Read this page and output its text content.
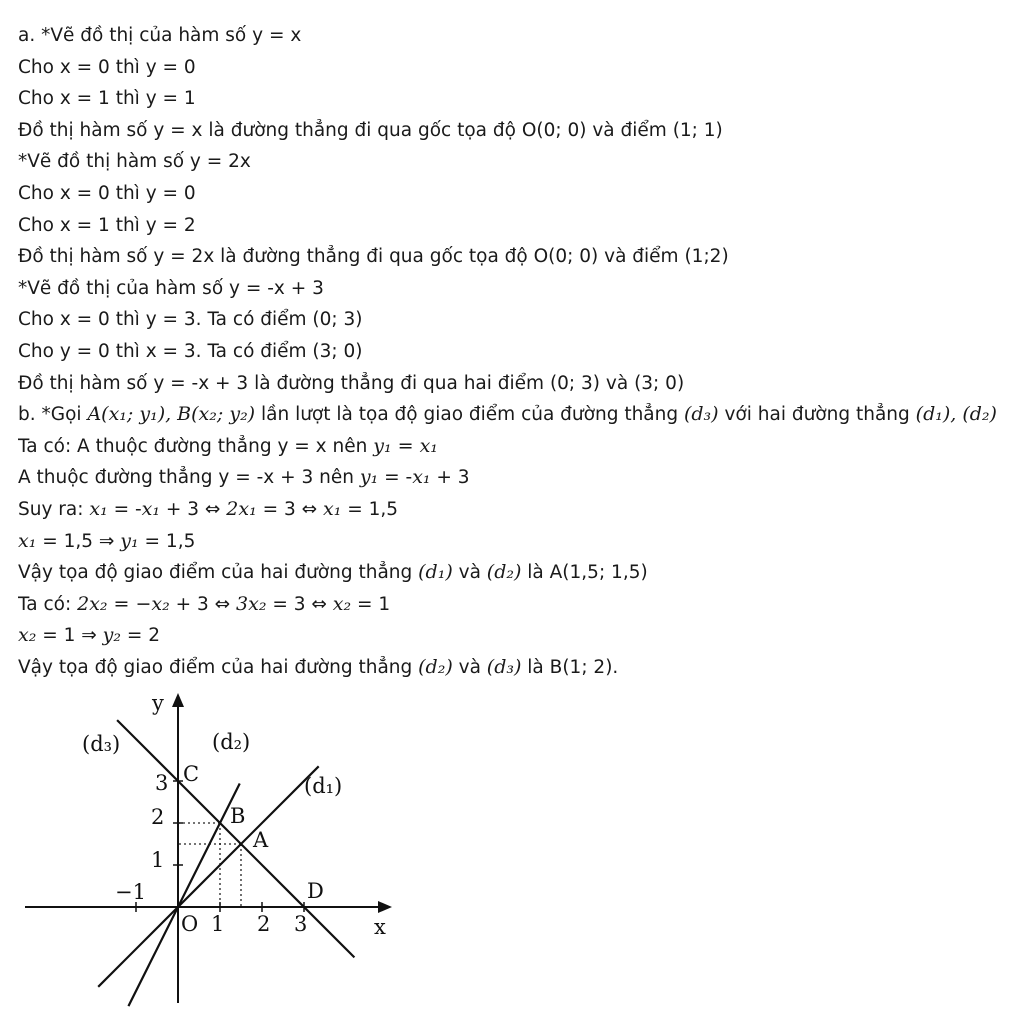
a. *Vẽ đồ thị của hàm số y = x
Cho x = 0 thì y = 0
Cho x = 1 thì y = 1
Đồ thị hàm số y = x là đường thẳng đi qua gốc tọa độ O(0; 0) và điểm (1; 1)
*Vẽ đồ thị hàm số y = 2x
Cho x = 0 thì y = 0
Cho x = 1 thì y = 2
Đồ thị hàm số y = 2x là đường thẳng đi qua gốc tọa độ O(0; 0) và điểm (1;2)
*Vẽ đồ thị của hàm số y = -x + 3
Cho x = 0 thì y = 3. Ta có điểm (0; 3)
Cho y = 0 thì x = 3. Ta có điểm (3; 0)
Đồ thị hàm số y = -x + 3 là đường thẳng đi qua hai điểm (0; 3) và (3; 0)
b. *Gọi A(x₁; y₁), B(x₂; y₂) lần lượt là tọa độ giao điểm của đường thẳng (d₃) với hai đường thẳng (d₁), (d₂)
Ta có: A thuộc đường thẳng y = x nên y₁ = x₁
A thuộc đường thẳng y = -x + 3 nên y₁ = -x₁ + 3
Suy ra: x₁ = -x₁ + 3 ⇔ 2x₁ = 3 ⇔ x₁ = 1,5
x₁ = 1,5 ⇒ y₁ = 1,5
Vậy tọa độ giao điểm của hai đường thẳng (d₁) và (d₂) là A(1,5; 1,5)
Ta có: 2x₂ = −x₂ + 3 ⇔ 3x₂ = 3 ⇔ x₂ = 1
x₂ = 1 ⇒ y₂ = 2
Vậy tọa độ giao điểm của hai đường thẳng (d₂) và (d₃) là B(1; 2).
x
y
O
−1
1 2 3
1
2
3
(d₃)	(d₂)
(d₁)
C
B
A
D
